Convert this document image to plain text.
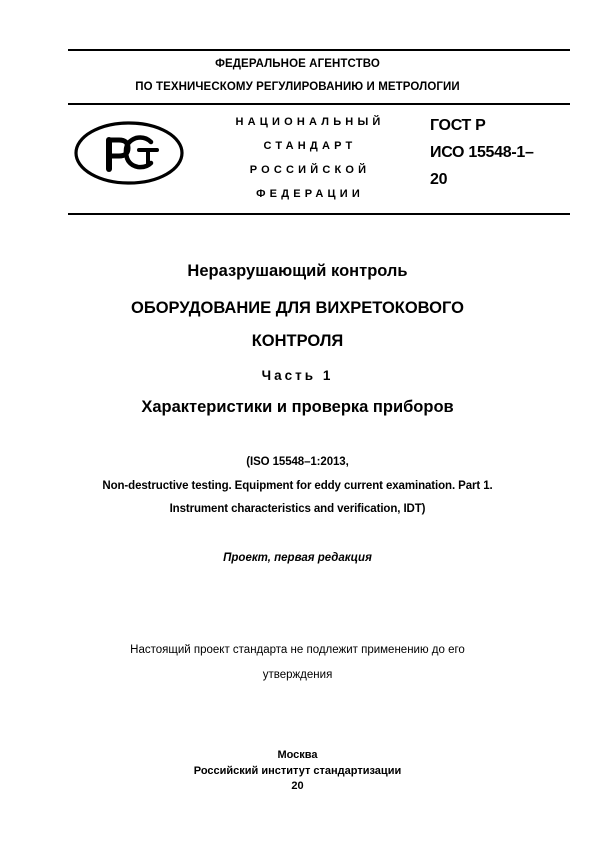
ФЕДЕРАЛЬНОЕ АГЕНТСТВО
ПО ТЕХНИЧЕСКОМУ РЕГУЛИРОВАНИЮ И МЕТРОЛОГИИ
НАЦИОНАЛЬНЫЙ
СТАНДАРТ
РОССИЙСКОЙ
ФЕДЕРАЦИИ
ГОСТ Р
ИСО 15548-1–
20
Неразрушающий контроль
ОБОРУДОВАНИЕ ДЛЯ ВИХРЕТОКОВОГО
КОНТРОЛЯ
Часть 1
Характеристики и проверка приборов
(ISO 15548–1:2013,
Non-destructive testing. Equipment for eddy current examination. Part 1.
Instrument characteristics and verification, IDT)
Проект, первая редакция
Настоящий проект стандарта не подлежит применению до его
утверждения
Москва
Российский институт стандартизации
20
